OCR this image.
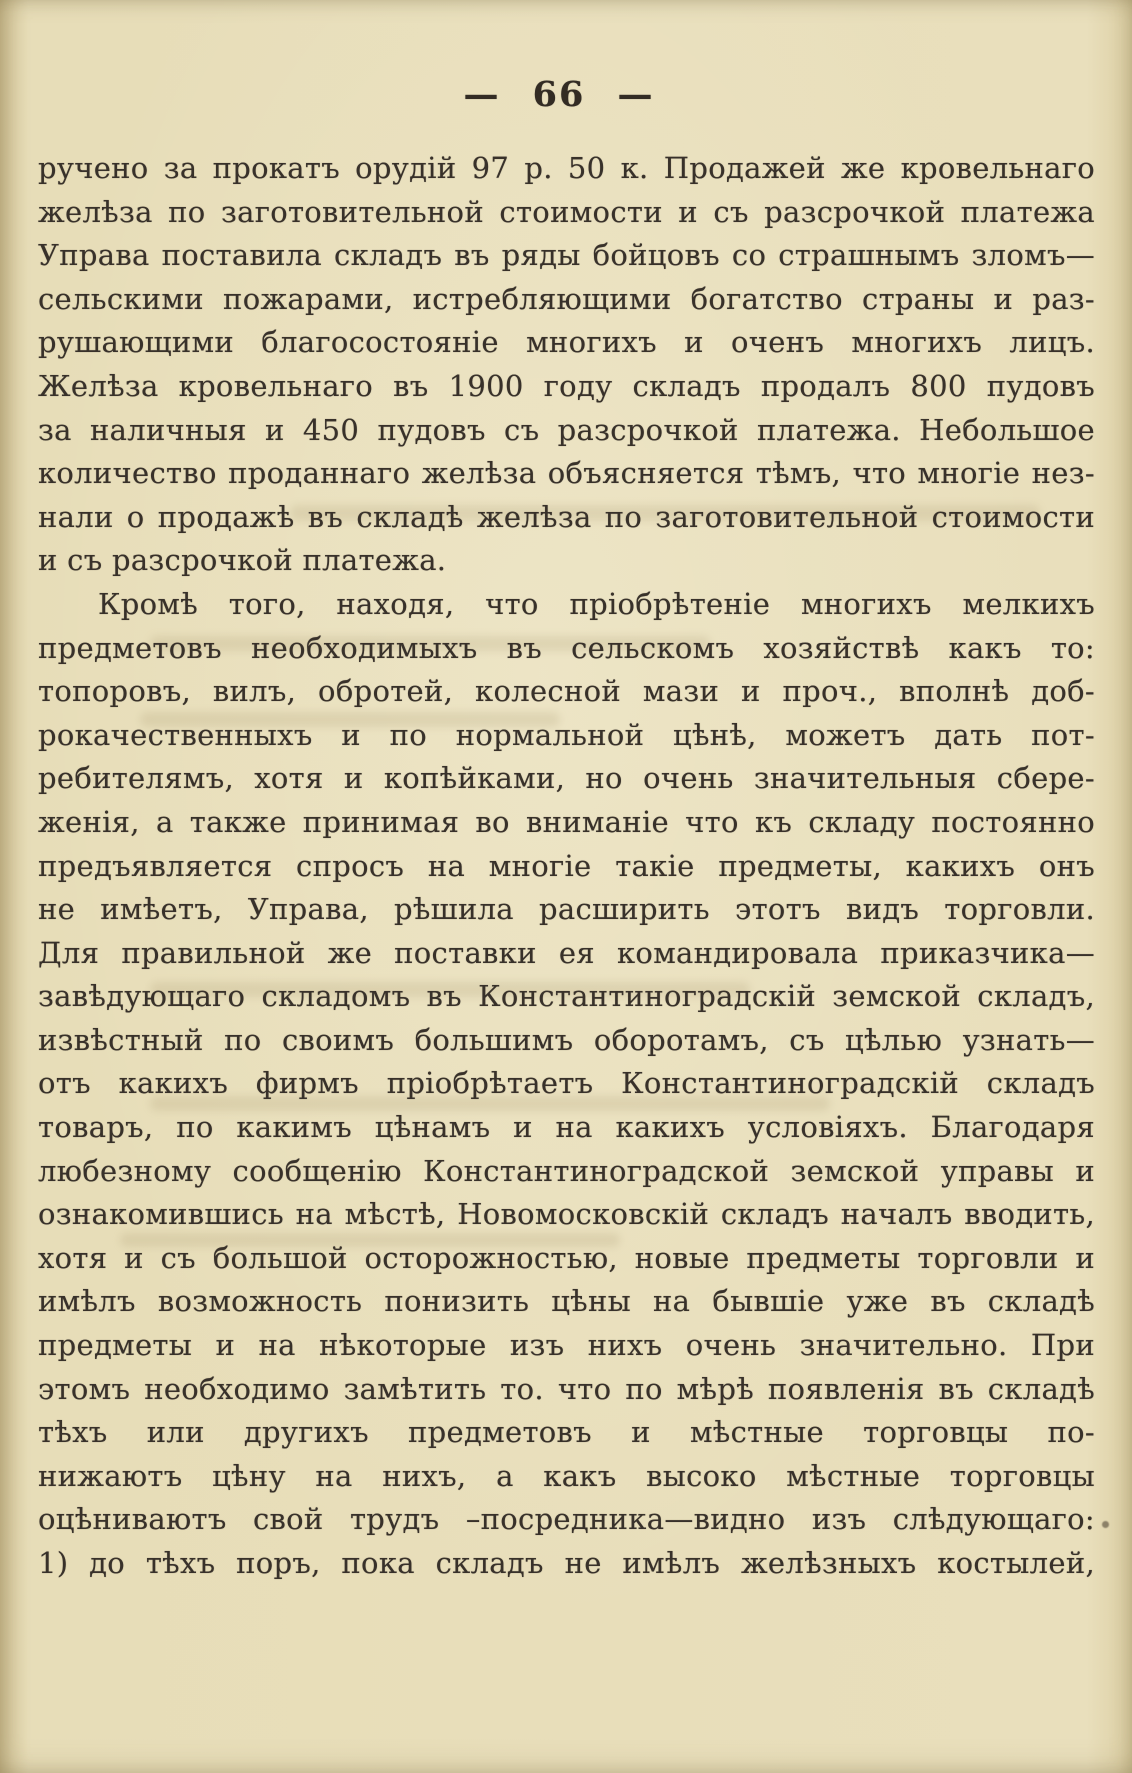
— 66 —
ручено за прокатъ орудій 97 р. 50 к. Продажей же кровельнаго
желѣза по заготовительной стоимости и съ разсрочкой платежа
Управа поставила складъ въ ряды бойцовъ со страшнымъ зломъ—
сельскими пожарами, истребляющими богатство страны и раз-
рушающими благосостояніе многихъ и оченъ многихъ лицъ.
Желѣза кровельнаго въ 1900 году складъ продалъ 800 пудовъ
за наличныя и 450 пудовъ съ разсрочкой платежа. Небольшое
количество проданнаго желѣза объясняется тѣмъ, что многіе нез-
нали о продажѣ въ складѣ желѣза по заготовительной стоимости
и съ разсрочкой платежа.
Кромѣ того, находя, что пріобрѣтеніе многихъ мелкихъ
предметовъ необходимыхъ въ сельскомъ хозяйствѣ какъ то:
топоровъ, вилъ, обротей, колесной мази и проч., вполнѣ доб-
рокачественныхъ и по нормальной цѣнѣ, можетъ дать пот-
ребителямъ, хотя и копѣйками, но очень значительныя сбере-
женія, а также принимая во вниманіе что къ складу постоянно
предъявляется спросъ на многіе такіе предметы, какихъ онъ
не имѣетъ, Управа, рѣшила расширить этотъ видъ торговли.
Для правильной же поставки ея командировала приказчика—
завѣдующаго складомъ въ Константиноградскій земской складъ,
извѣстный по своимъ большимъ оборотамъ, съ цѣлью узнать—
отъ какихъ фирмъ пріобрѣтаетъ Константиноградскій складъ
товаръ, по какимъ цѣнамъ и на какихъ условіяхъ. Благодаря
любезному сообщенію Константиноградской земской управы и
ознакомившись на мѣстѣ, Новомосковскій складъ началъ вводить,
хотя и съ большой осторожностью, новые предметы торговли и
имѣлъ возможность понизить цѣны на бывшіе уже въ складѣ
предметы и на нѣкоторые изъ нихъ очень значительно. При
этомъ необходимо замѣтить то. что по мѣрѣ появленія въ складѣ
тѣхъ или другихъ предметовъ и мѣстные торговцы по-
нижаютъ цѣну на нихъ, а какъ высоко мѣстные торговцы
оцѣниваютъ свой трудъ –посредника—видно изъ слѣдующаго:
1) до тѣхъ поръ, пока складъ не имѣлъ желѣзныхъ костылей,
